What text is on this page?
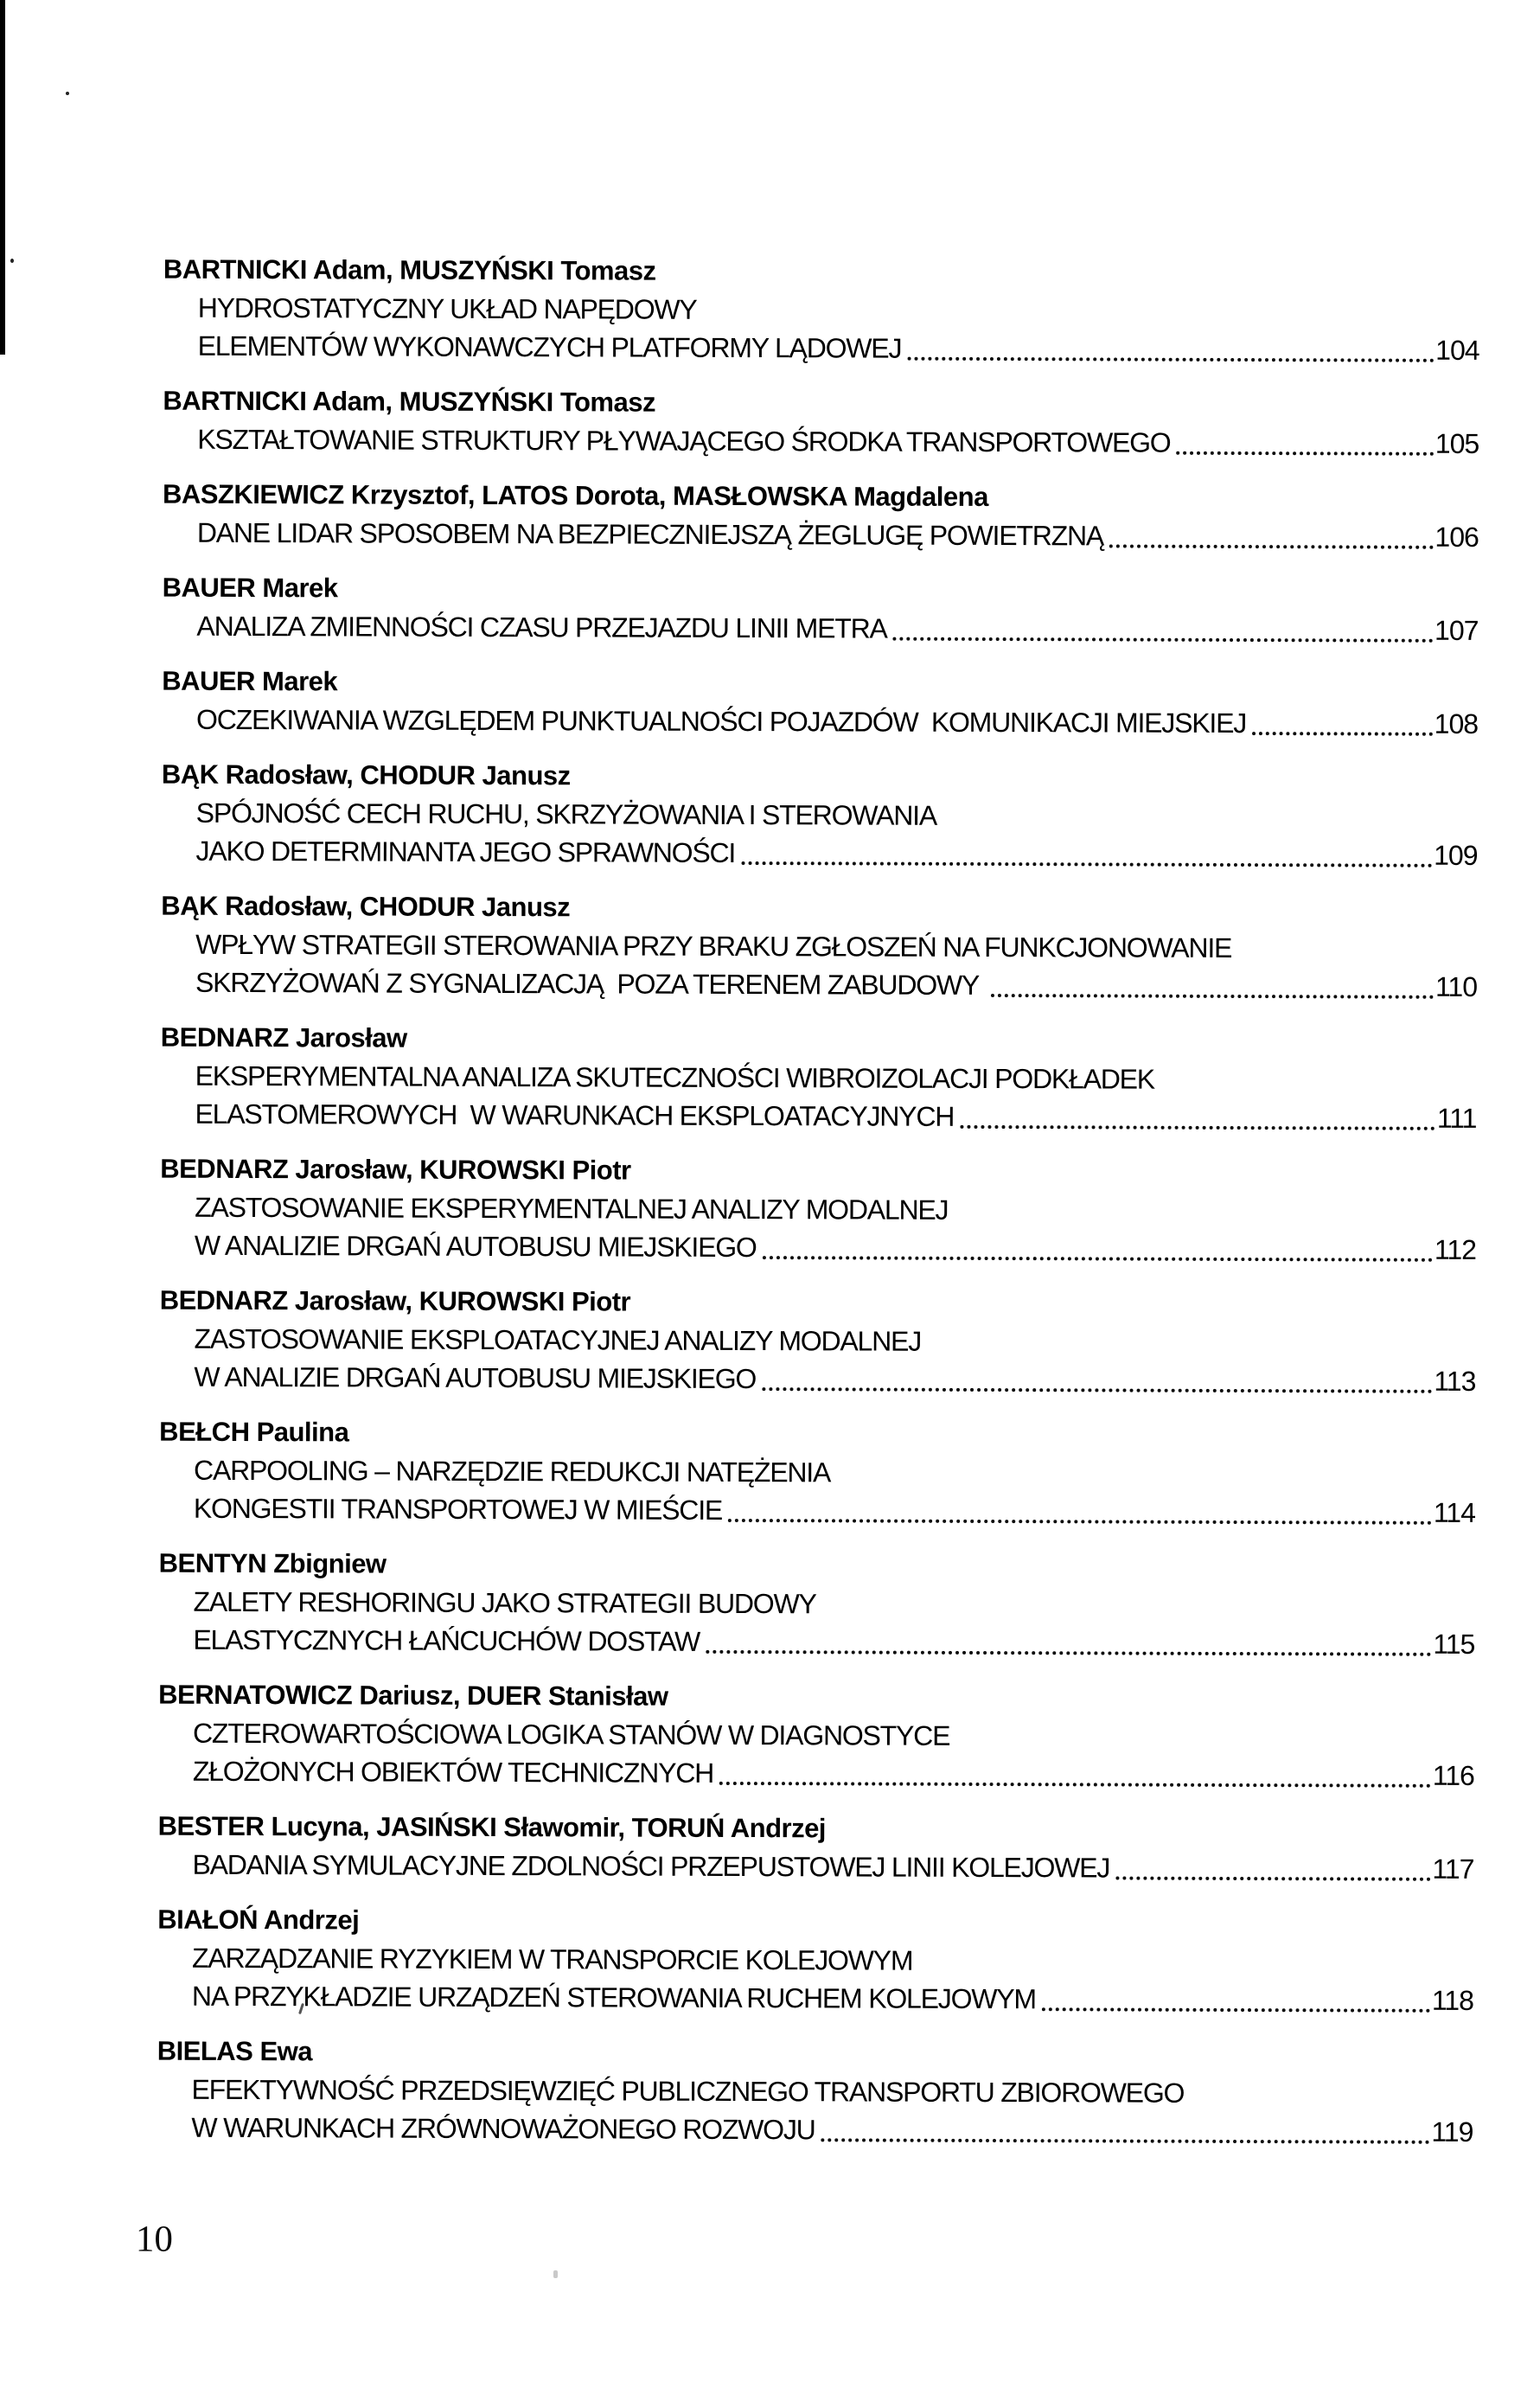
BARTNICKI Adam, MUSZYŃSKI Tomasz
HYDROSTATYCZNY UKŁAD NAPĘDOWY
ELEMENTÓW WYKONAWCZYCH PLATFORMY LĄDOWEJ	104
BARTNICKI Adam, MUSZYŃSKI Tomasz
KSZTAŁTOWANIE STRUKTURY PŁYWAJĄCEGO ŚRODKA TRANSPORTOWEGO	105
BASZKIEWICZ Krzysztof, LATOS Dorota, MASŁOWSKA Magdalena
DANE LIDAR SPOSOBEM NA BEZPIECZNIEJSZĄ ŻEGLUGĘ POWIETRZNĄ	106
BAUER Marek
ANALIZA ZMIENNOŚCI CZASU PRZEJAZDU LINII METRA	107
BAUER Marek
OCZEKIWANIA WZGLĘDEM PUNKTUALNOŚCI POJAZDÓW  KOMUNIKACJI MIEJSKIEJ	108
BĄK Radosław, CHODUR Janusz
SPÓJNOŚĆ CECH RUCHU, SKRZYŻOWANIA I STEROWANIA
JAKO DETERMINANTA JEGO SPRAWNOŚCI	109
BĄK Radosław, CHODUR Janusz
WPŁYW STRATEGII STEROWANIA PRZY BRAKU ZGŁOSZEŃ NA FUNKCJONOWANIE
SKRZYŻOWAŃ Z SYGNALIZACJĄ  POZA TERENEM ZABUDOWY	110
BEDNARZ Jarosław
EKSPERYMENTALNA ANALIZA SKUTECZNOŚCI WIBROIZOLACJI PODKŁADEK
ELASTOMEROWYCH  W WARUNKACH EKSPLOATACYJNYCH	111
BEDNARZ Jarosław, KUROWSKI Piotr
ZASTOSOWANIE EKSPERYMENTALNEJ ANALIZY MODALNEJ
W ANALIZIE DRGAŃ AUTOBUSU MIEJSKIEGO	112
BEDNARZ Jarosław, KUROWSKI Piotr
ZASTOSOWANIE EKSPLOATACYJNEJ ANALIZY MODALNEJ
W ANALIZIE DRGAŃ AUTOBUSU MIEJSKIEGO	113
BEŁCH Paulina
CARPOOLING – NARZĘDZIE REDUKCJI NATĘŻENIA
KONGESTII TRANSPORTOWEJ W MIEŚCIE	114
BENTYN Zbigniew
ZALETY RESHORINGU JAKO STRATEGII BUDOWY
ELASTYCZNYCH ŁAŃCUCHÓW DOSTAW	115
BERNATOWICZ Dariusz, DUER Stanisław
CZTEROWARTOŚCIOWA LOGIKA STANÓW W DIAGNOSTYCE
ZŁOŻONYCH OBIEKTÓW TECHNICZNYCH	116
BESTER Lucyna, JASIŃSKI Sławomir, TORUŃ Andrzej
BADANIA SYMULACYJNE ZDOLNOŚCI PRZEPUSTOWEJ LINII KOLEJOWEJ	117
BIAŁOŃ Andrzej
ZARZĄDZANIE RYZYKIEM W TRANSPORCIE KOLEJOWYM
NA PRZYKŁADZIE URZĄDZEŃ STEROWANIA RUCHEM KOLEJOWYM	118
BIELAS Ewa
EFEKTYWNOŚĆ PRZEDSIĘWZIĘĆ PUBLICZNEGO TRANSPORTU ZBIOROWEGO
W WARUNKACH ZRÓWNOWAŻONEGO ROZWOJU	119
10
